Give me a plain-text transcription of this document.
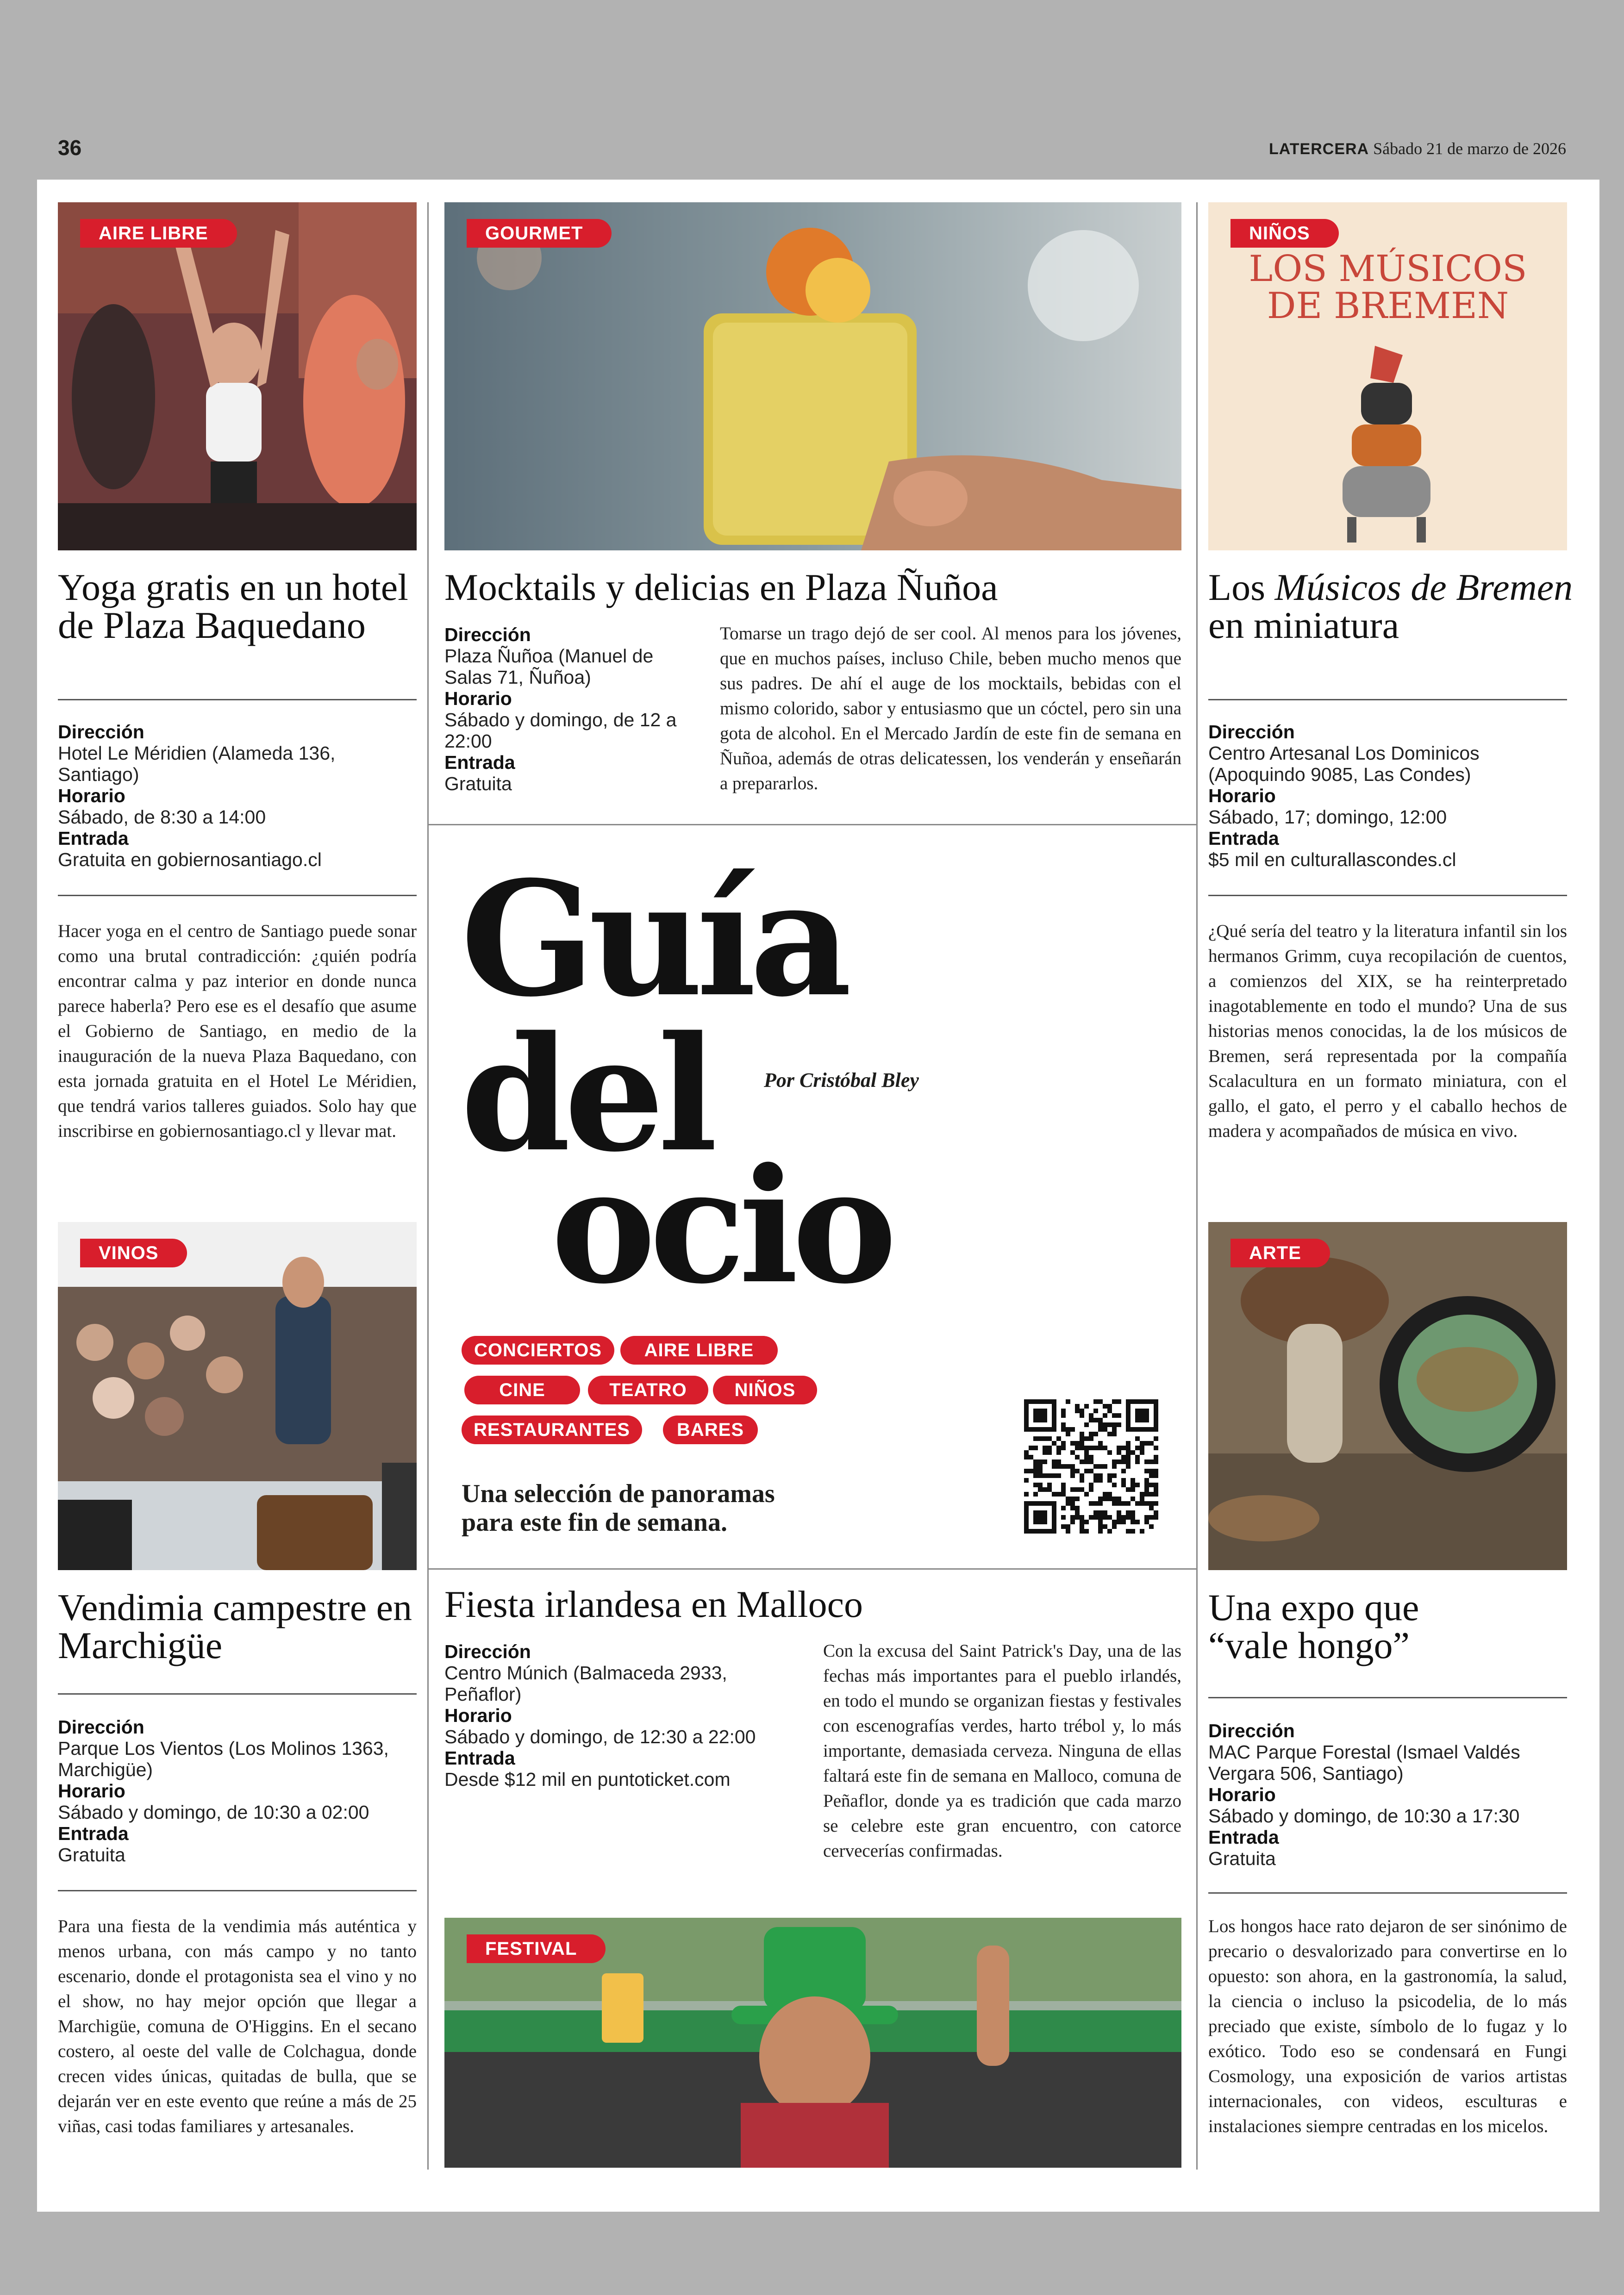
36	LATERCERA Sábado 21 de marzo de 2026
AIRE LIBRE
Yoga gratis en un hotel de Plaza Baquedano
Dirección
Hotel Le Méridien (Alameda 136, Santiago)
Horario
Sábado, de 8:30 a 14:00
Entrada
Gratuita en gobiernosantiago.cl
Hacer yoga en el centro de Santiago puede sonar como una brutal contradicción: ¿quién podría encontrar calma y paz interior en donde nunca parece haberla? Pero ese es el desafío que asume el Gobierno de Santiago, en medio de la inauguración de la nueva Plaza Baquedano, con esta jornada gratuita en el Hotel Le Méridien, que tendrá varios talleres guiados. Solo hay que inscribirse en gobiernosantiago.cl y llevar mat.
GOURMET
Mocktails y delicias en Plaza Ñuñoa
Dirección
Plaza Ñuñoa (Manuel de Salas 71, Ñuñoa)
Horario
Sábado y domingo, de 12 a 22:00
Entrada
Gratuita
Tomarse un trago dejó de ser cool. Al menos para los jóvenes, que en muchos países, incluso Chile, beben mucho menos que sus padres. De ahí el auge de los mocktails, bebidas con el mismo colorido, sabor y entusiasmo que un cóctel, pero sin una gota de alcohol. En el Mercado Jardín de este fin de semana en Ñuñoa, además de otras delicatessen, los venderán y enseñarán a prepararlos.
LOS MÚSICOS
DE BREMEN
NIÑOS
Los Músicos de Bremen en miniatura
Dirección
Centro Artesanal Los Dominicos (Apoquindo 9085, Las Condes)
Horario
Sábado, 17; domingo, 12:00
Entrada
$5 mil en culturallascondes.cl
¿Qué sería del teatro y la literatura infantil sin los hermanos Grimm, cuya recopilación de cuentos, a comienzos del XIX, se ha reinterpretado inagotablemente en todo el mundo? Una de sus historias menos conocidas, la de los músicos de Bremen, será representada por la compañía Scalacultura en un formato miniatura, con el gallo, el gato, el perro y el caballo hechos de madera y acompañados de música en vivo.
Guía
del
ocio
Por Cristóbal Bley
CONCIERTOS	AIRE LIBRE
CINE	TEATRO	NIÑOS
RESTAURANTES	BARES
Una selección de panoramas
para este fin de semana.
VINOS
Vendimia campestre en Marchigüe
Dirección
Parque Los Vientos (Los Molinos 1363, Marchigüe)
Horario
Sábado y domingo, de 10:30 a 02:00
Entrada
Gratuita
Para una fiesta de la vendimia más auténtica y menos urbana, con más campo y no tanto escenario, donde el protagonista sea el vino y no el show, no hay mejor opción que llegar a Marchigüe, comuna de O'Higgins. En el secano costero, al oeste del valle de Colchagua, donde crecen vides únicas, quitadas de bulla, que se dejarán ver en este evento que reúne a más de 25 viñas, casi todas familiares y artesanales.
Fiesta irlandesa en Malloco
Dirección
Centro Múnich (Balmaceda 2933, Peñaflor)
Horario
Sábado y domingo, de 12:30 a 22:00
Entrada
Desde $12 mil en puntoticket.com
Con la excusa del Saint Patrick's Day, una de las fechas más importantes para el pueblo irlandés, en todo el mundo se organizan fiestas y festivales con escenografías verdes, harto trébol y, lo más importante, demasiada cerveza. Ninguna de ellas faltará este fin de semana en Malloco, comuna de Peñaflor, donde ya es tradición que cada marzo se celebre este gran encuentro, con catorce cervecerías confirmadas.
FESTIVAL
ARTE
Una expo que
“vale hongo”
Dirección
MAC Parque Forestal (Ismael Valdés Vergara 506, Santiago)
Horario
Sábado y domingo, de 10:30 a 17:30
Entrada
Gratuita
Los hongos hace rato dejaron de ser sinónimo de precario o desvalorizado para convertirse en lo opuesto: son ahora, en la gastronomía, la salud, la ciencia o incluso la psicodelia, de lo más preciado que existe, símbolo de lo fugaz y lo exótico. Todo eso se condensará en Fungi Cosmology, una exposición de varios artistas internacionales, con videos, esculturas e instalaciones siempre centradas en los micelos.
